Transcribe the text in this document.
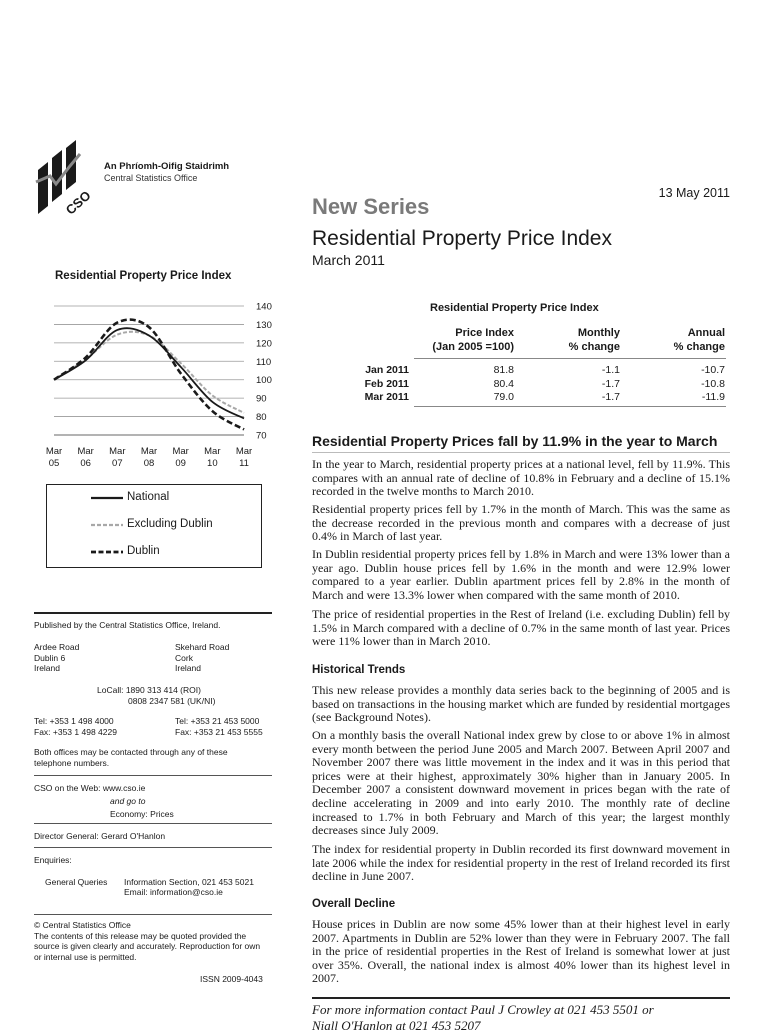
CSO
An Phríomh-Oifig Staidrimh
Central Statistics Office
13 May 2011
New Series
Residential Property Price Index
March 2011
Residential Property Price Index
70
80
90
100
110
120
130
140
Mar
05
Mar
06
Mar
07
Mar
08
Mar
09
Mar
10
Mar
11
National
Excluding Dublin
Dublin
Published by the Central Statistics Office, Ireland.
Ardee Road
Dublin 6
Ireland
Skehard Road
Cork
Ireland
LoCall: 1890 313 414 (ROI)
0808 2347 581 (UK/NI)
Tel: +353 1 498 4000
Fax: +353 1 498 4229
Tel: +353 21 453 5000
Fax: +353 21 453 5555
Both offices may be contacted through any of these
telephone numbers.
CSO on the Web: www.cso.ie
and go to
Economy: Prices
Director General: Gerard O'Hanlon
Enquiries:
General Queries Information Section, 021 453 5021
Email: information@cso.ie
© Central Statistics Office
The contents of this release may be quoted provided the
source is given clearly and accurately. Reproduction for own
or internal use is permitted.
ISSN 2009-4043
Residential Property Price Index
Price Index
(Jan 2005 =100)
Monthly
% change
Annual
% change
Jan 2011	81.8	-1.1	-10.7
Feb 2011	80.4	-1.7	-10.8
Mar 2011	79.0	-1.7	-11.9
Residential Property Prices fall by 11.9% in the year to March
In the year to March, residential property prices at a national level, fell by 11.9%. This compares with an annual rate of decline of 10.8% in February and a decline of 15.1% recorded in the twelve months to March 2010.
Residential property prices fell by 1.7% in the month of March. This was the same as the decrease recorded in the previous month and compares with a decrease of just 0.4% in March of last year.
In Dublin residential property prices fell by 1.8% in March and were 13% lower than a year ago. Dublin house prices fell by 1.6% in the month and were 12.9% lower compared to a year earlier. Dublin apartment prices fell by 2.8% in the month of March and were 13.3% lower when compared with the same month of 2010.
The price of residential properties in the Rest of Ireland (i.e. excluding Dublin) fell by 1.5% in March compared with a decline of 0.7% in the same month of last year. Prices were 11% lower than in March 2010.
Historical Trends
This new release provides a monthly data series back to the beginning of 2005 and is based on transactions in the housing market which are funded by residential mortgages (see Background Notes).
On a monthly basis the overall National index grew by close to or above 1% in almost every month between the period June 2005 and March 2007. Between April 2007 and November 2007 there was little movement in the index and it was in this period that prices were at their highest, approximately 30% higher than in January 2005. In December 2007 a consistent downward movement in prices began with the rate of decline accelerating in 2009 and into early 2010. The monthly rate of decline increased to 1.7% in both February and March of this year; the largest monthly decreases since July 2009.
The index for residential property in Dublin recorded its first downward movement in late 2006 while the index for residential property in the rest of Ireland recorded its first decline in June 2007.
Overall Decline
House prices in Dublin are now some 45% lower than at their highest level in early 2007. Apartments in Dublin are 52% lower than they were in February 2007. The fall in the price of residential properties in the Rest of Ireland is somewhat lower at just over 35%. Overall, the national index is almost 40% lower than its highest level in 2007.
For more information contact Paul J Crowley at 021 453 5501 or
Niall O'Hanlon at 021 453 5207
